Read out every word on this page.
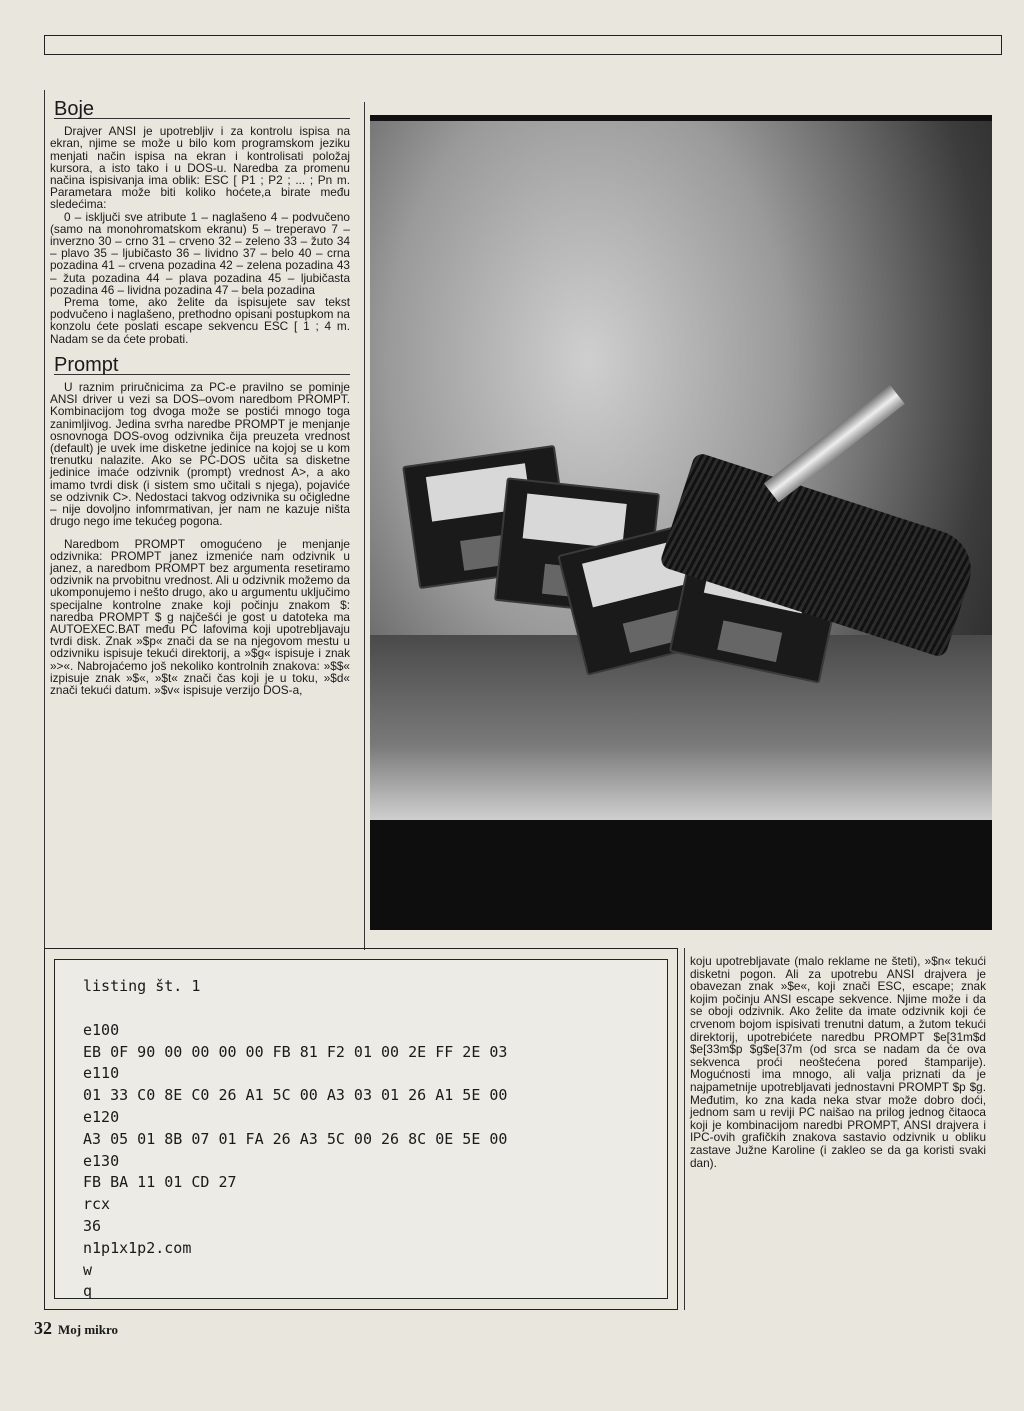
Boje

Drajver ANSI je upotrebljiv i za kontrolu ispisa na ekran, njime se može u bilo kom programskom jeziku menjati način ispisa na ekran i kontrolisati položaj kursora, a isto tako i u DOS-u. Naredba za promenu načina ispisivanja ima oblik: ESC [ P1 ; P2 ; ... ; Pn m. Parametara može biti koliko hoćete,a birate među sledećima:

0 – isključi sve atribute 1 – naglašeno 4 – podvučeno (samo na monohromatskom ekranu) 5 – treperavo 7 – inverzno 30 – crno 31 – crveno 32 – zeleno 33 – žuto 34 – plavo 35 – ljubičasto 36 – lividno 37 – belo 40 – crna pozadina 41 – crvena pozadina 42 – zelena pozadina 43 – žuta pozadina 44 – plava pozadina 45 – ljubičasta pozadina 46 – lividna pozadina 47 – bela pozadina

Prema tome, ako želite da ispisujete sav tekst podvučeno i naglašeno, prethodno opisani postupkom na konzolu ćete poslati escape sekvencu ESC [ 1 ; 4 m. Nadam se da ćete probati.

Prompt

U raznim priručnicima za PC-e pravilno se pominje ANSI driver u vezi sa DOS–ovom naredbom PROMPT. Kombinacijom tog dvoga može se postići mnogo toga zanimljivog. Jedina svrha naredbe PROMPT je menjanje osnovnoga DOS-ovog odzivnika čija preuzeta vrednost (default) je uvek ime disketne jedinice na kojoj se u kom trenutku nalazite. Ako se PC-DOS učita sa disketne jedinice imaće odzivnik (prompt) vrednost A>, a ako imamo tvrdi disk (i sistem smo učitali s njega), pojaviće se odzivnik C>. Nedostaci takvog odzivnika su očigledne – nije dovoljno infomrmativan, jer nam ne kazuje ništa drugo nego ime tekućeg pogona.

Naredbom PROMPT omogućeno je menjanje odzivnika: PROMPT janez izmeniće nam odzivnik u janez, a naredbom PROMPT bez argumenta resetiramo odzivnik na prvobitnu vrednost. Ali u odzivnik možemo da ukomponujemo i nešto drugo, ako u argumentu uključimo specijalne kontrolne znake koji počinju znakom $: naredba PROMPT $ g najčešći je gost u datoteka ma AUTOEXEC.BAT među PC lafovima koji upotrebljavaju tvrdi disk. Znak »$p« znači da se na njegovom mestu u odzivniku ispisuje tekući direktorij, a »$g« ispisuje i znak »>«. Nabrojaćemo još nekoliko kontrolnih znakova: »$$« izpisuje znak »$«, »$t« znači čas koji je u toku, »$d« znači tekući datum. »$v« ispisuje verzijo DOS-a,

listing št. 1
e100
EB 0F 90 00 00 00 00 FB 81 F2 01 00 2E FF 2E 03
e110
01 33 C0 8E C0 26 A1 5C 00 A3 03 01 26 A1 5E 00
e120
A3 05 01 8B 07 01 FA 26 A3 5C 00 26 8C 0E 5E 00
e130
FB BA 11 01 CD 27
rcx
36
n1p1x1p2.com
w
q

koju upotrebljavate (malo reklame ne šteti), »$n« tekući disketni pogon. Ali za upotrebu ANSI drajvera je obavezan znak »$e«, koji znači ESC, escape; znak kojim počinju ANSI escape sekvence. Njime može i da se oboji odzivnik. Ako želite da imate odzivnik koji će crvenom bojom ispisivati trenutni datum, a žutom tekući direktorij, upotrebićete naredbu PROMPT $e[31m$d $e[33m$p $g$e[37m (od srca se nadam da će ova sekvenca proći neoštećena pored štamparije). Mogućnosti ima mnogo, ali valja priznati da je najpametnije upotrebljavati jednostavni PROMPT $p $g. Međutim, ko zna kada neka stvar može dobro doći, jednom sam u reviji PC naišao na prilog jednog čitaoca koji je kombinacijom naredbi PROMPT, ANSI drajvera i IPC-ovih grafičkih znakova sastavio odzivnik u obliku zastave Južne Karoline (i zakleo se da ga koristi svaki dan).

32 Moj mikro
